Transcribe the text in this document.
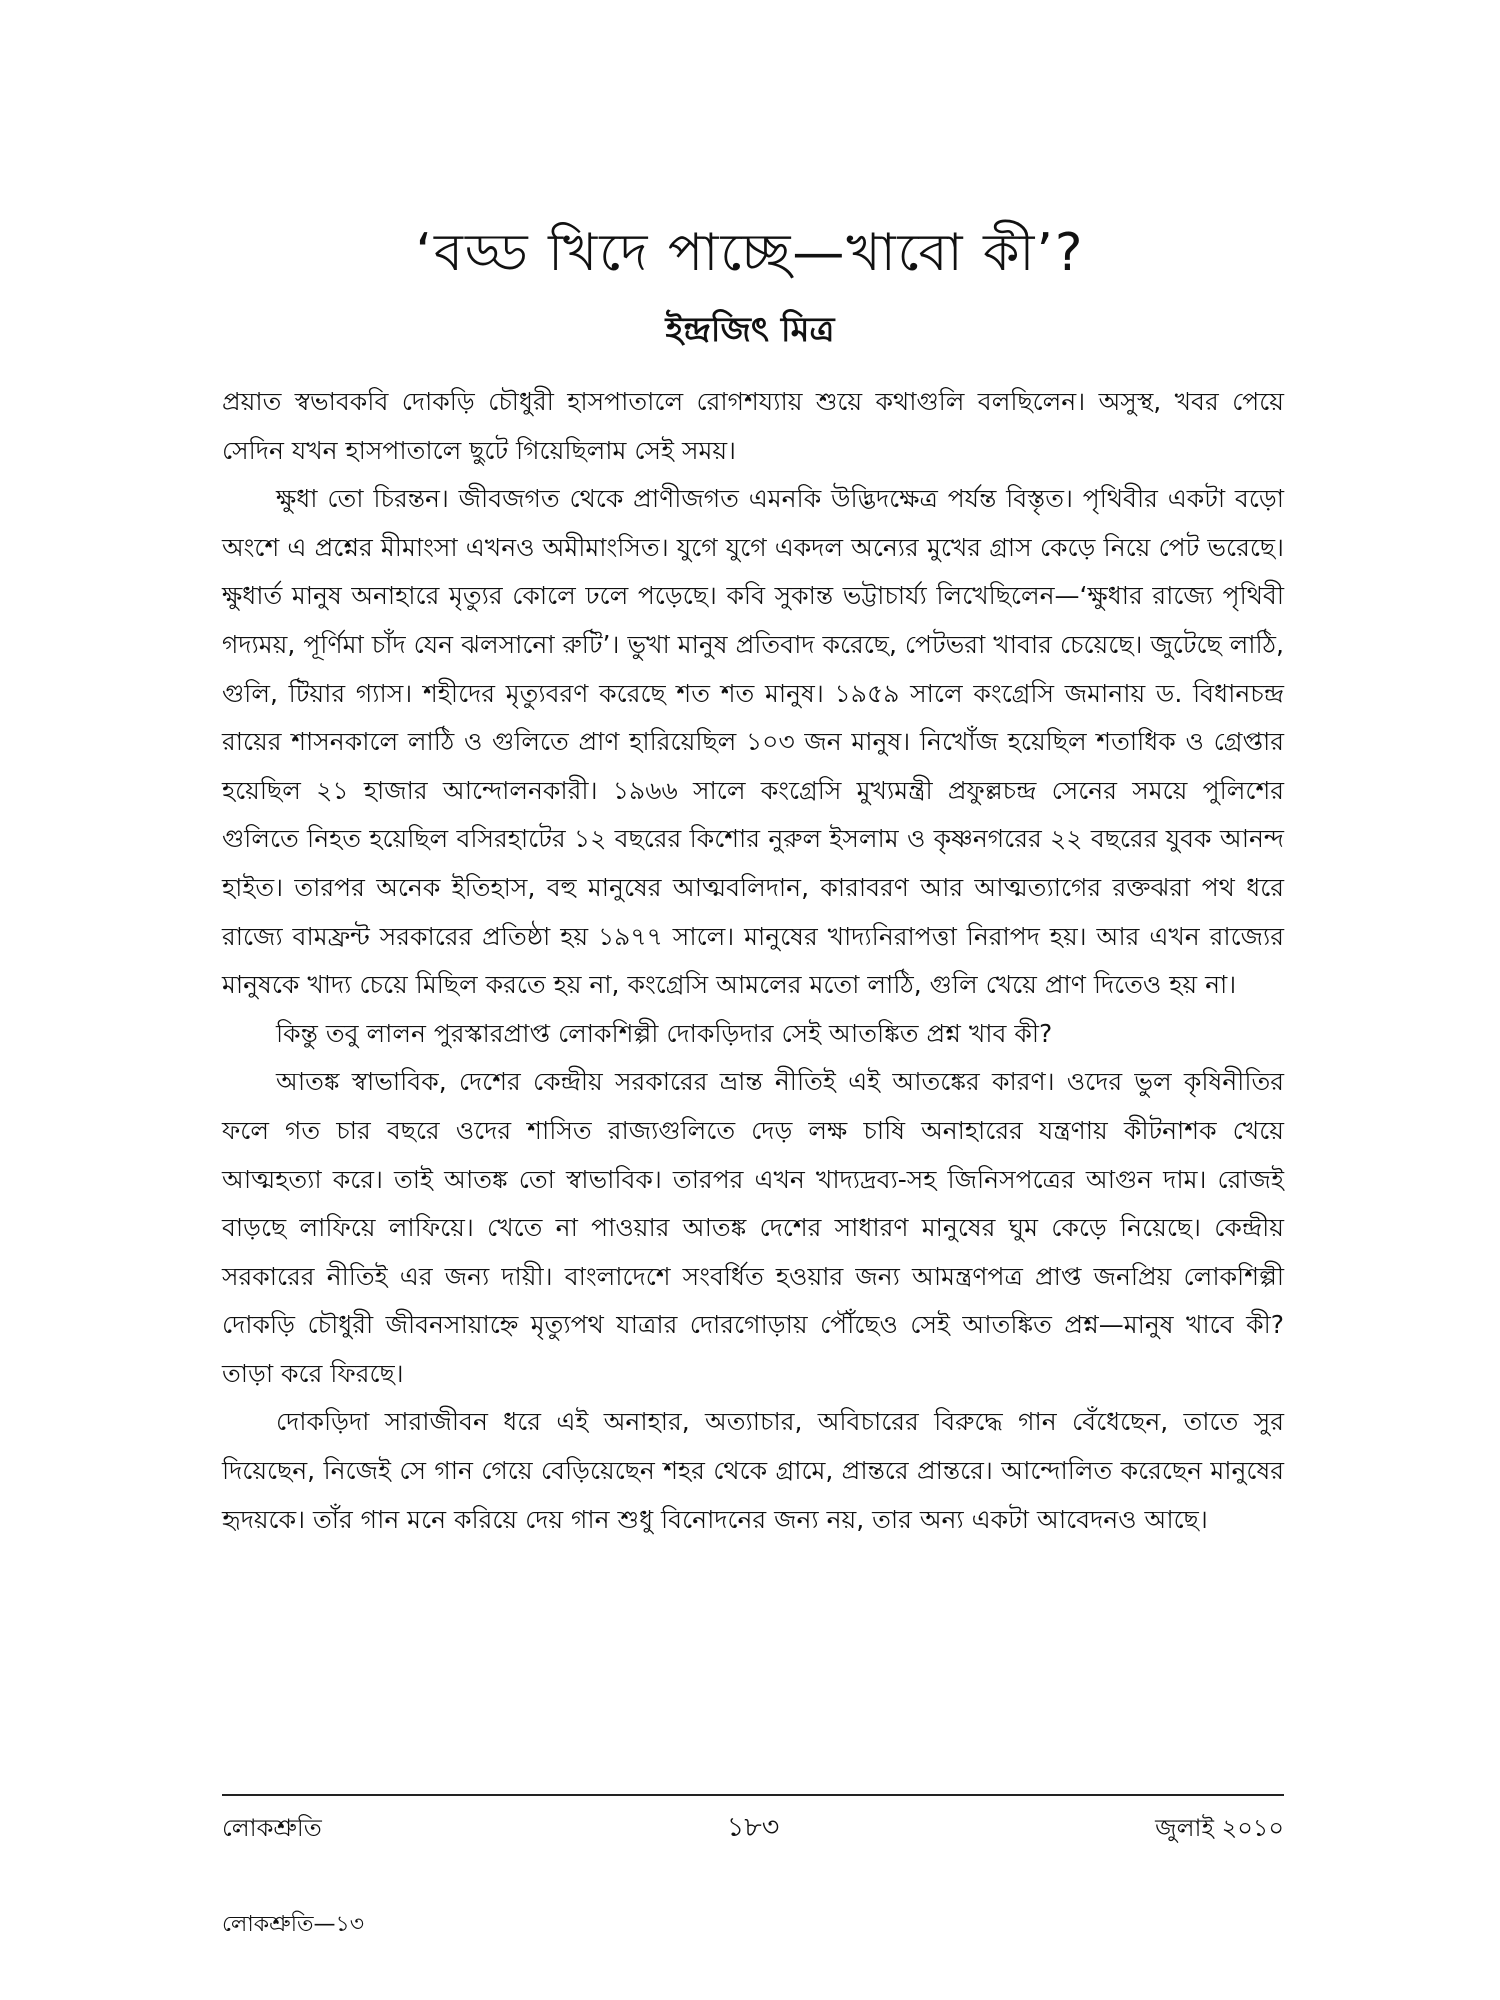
‘বড্ড খিদে পাচ্ছে—খাবো কী’?
ইন্দ্রজিৎ মিত্র

প্রয়াত স্বভাবকবি দোকড়ি চৌধুরী হাসপাতালে রোগশয্যায় শুয়ে কথাগুলি বলছিলেন। অসুস্থ, খবর পেয়ে সেদিন যখন হাসপাতালে ছুটে গিয়েছিলাম সেই সময়।

ক্ষুধা তো চিরন্তন। জীবজগত থেকে প্রাণীজগত এমনকি উদ্ভিদক্ষেত্র পর্যন্ত বিস্তৃত। পৃথিবীর একটা বড়ো অংশে এ প্রশ্নের মীমাংসা এখনও অমীমাংসিত। যুগে যুগে একদল অন্যের মুখের গ্রাস কেড়ে নিয়ে পেট ভরেছে। ক্ষুধার্ত মানুষ অনাহারে মৃত্যুর কোলে ঢলে পড়েছে। কবি সুকান্ত ভট্টাচার্য্য লিখেছিলেন—‘ক্ষুধার রাজ্যে পৃথিবী গদ্যময়, পূর্ণিমা চাঁদ যেন ঝলসানো রুটি’। ভুখা মানুষ প্রতিবাদ করেছে, পেটভরা খাবার চেয়েছে। জুটেছে লাঠি, গুলি, টিয়ার গ্যাস। শহীদের মৃত্যুবরণ করেছে শত শত মানুষ। ১৯৫৯ সালে কংগ্রেসি জমানায় ড. বিধানচন্দ্র রায়ের শাসনকালে লাঠি ও গুলিতে প্রাণ হারিয়েছিল ১০৩ জন মানুষ। নিখোঁজ হয়েছিল শতাধিক ও গ্রেপ্তার হয়েছিল ২১ হাজার আন্দোলনকারী। ১৯৬৬ সালে কংগ্রেসি মুখ্যমন্ত্রী প্রফুল্লচন্দ্র সেনের সময়ে পুলিশের গুলিতে নিহত হয়েছিল বসিরহাটের ১২ বছরের কিশোর নুরুল ইসলাম ও কৃষ্ণনগরের ২২ বছরের যুবক আনন্দ হাইত। তারপর অনেক ইতিহাস, বহু মানুষের আত্মবলিদান, কারাবরণ আর আত্মত্যাগের রক্তঝরা পথ ধরে রাজ্যে বামফ্রন্ট সরকারের প্রতিষ্ঠা হয় ১৯৭৭ সালে। মানুষের খাদ্যনিরাপত্তা নিরাপদ হয়। আর এখন রাজ্যের মানুষকে খাদ্য চেয়ে মিছিল করতে হয় না, কংগ্রেসি আমলের মতো লাঠি, গুলি খেয়ে প্রাণ দিতেও হয় না।

কিন্তু তবু লালন পুরস্কারপ্রাপ্ত লোকশিল্পী দোকড়িদার সেই আতঙ্কিত প্রশ্ন খাব কী?

আতঙ্ক স্বাভাবিক, দেশের কেন্দ্রীয় সরকারের ভ্রান্ত নীতিই এই আতঙ্কের কারণ। ওদের ভুল কৃষিনীতির ফলে গত চার বছরে ওদের শাসিত রাজ্যগুলিতে দেড় লক্ষ চাষি অনাহারের যন্ত্রণায় কীটনাশক খেয়ে আত্মহত্যা করে। তাই আতঙ্ক তো স্বাভাবিক। তারপর এখন খাদ্যদ্রব্য-সহ জিনিসপত্রের আগুন দাম। রোজই বাড়ছে লাফিয়ে লাফিয়ে। খেতে না পাওয়ার আতঙ্ক দেশের সাধারণ মানুষের ঘুম কেড়ে নিয়েছে। কেন্দ্রীয় সরকারের নীতিই এর জন্য দায়ী। বাংলাদেশে সংবর্ধিত হওয়ার জন্য আমন্ত্রণপত্র প্রাপ্ত জনপ্রিয় লোকশিল্পী দোকড়ি চৌধুরী জীবনসায়াহ্নে মৃত্যুপথ যাত্রার দোরগোড়ায় পৌঁছেও সেই আতঙ্কিত প্রশ্ন—মানুষ খাবে কী? তাড়া করে ফিরছে।

দোকড়িদা সারাজীবন ধরে এই অনাহার, অত্যাচার, অবিচারের বিরুদ্ধে গান বেঁধেছেন, তাতে সুর দিয়েছেন, নিজেই সে গান গেয়ে বেড়িয়েছেন শহর থেকে গ্রামে, প্রান্তরে প্রান্তরে। আন্দোলিত করেছেন মানুষের হৃদয়কে। তাঁর গান মনে করিয়ে দেয় গান শুধু বিনোদনের জন্য নয়, তার অন্য একটা আবেদনও আছে।

১৮৩
লোকশ্রুতি	জুলাই ২০১০
লোকশ্রুতি—১৩
